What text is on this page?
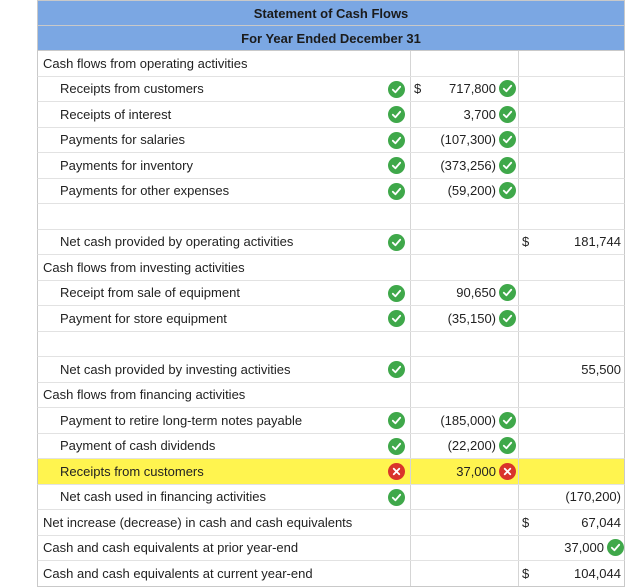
Statement of Cash Flows
For Year Ended December 31
Cash flows from operating activities
Receipts from customers	$ 717,800
Receipts of interest	3,700
Payments for salaries	(107,300)
Payments for inventory	(373,256)
Payments for other expenses	(59,200)
Net cash provided by operating activities	$	181,744
Cash flows from investing activities
Receipt from sale of equipment	90,650
Payment for store equipment	(35,150)
Net cash provided by investing activities	55,500
Cash flows from financing activities
Payment to retire long-term notes payable	(185,000)
Payment of cash dividends	(22,200)
Receipts from customers	37,000
Net cash used in financing activities	(170,200)
Net increase (decrease) in cash and cash equivalents	$	67,044
Cash and cash equivalents at prior year-end	37,000
Cash and cash equivalents at current year-end	$	104,044
